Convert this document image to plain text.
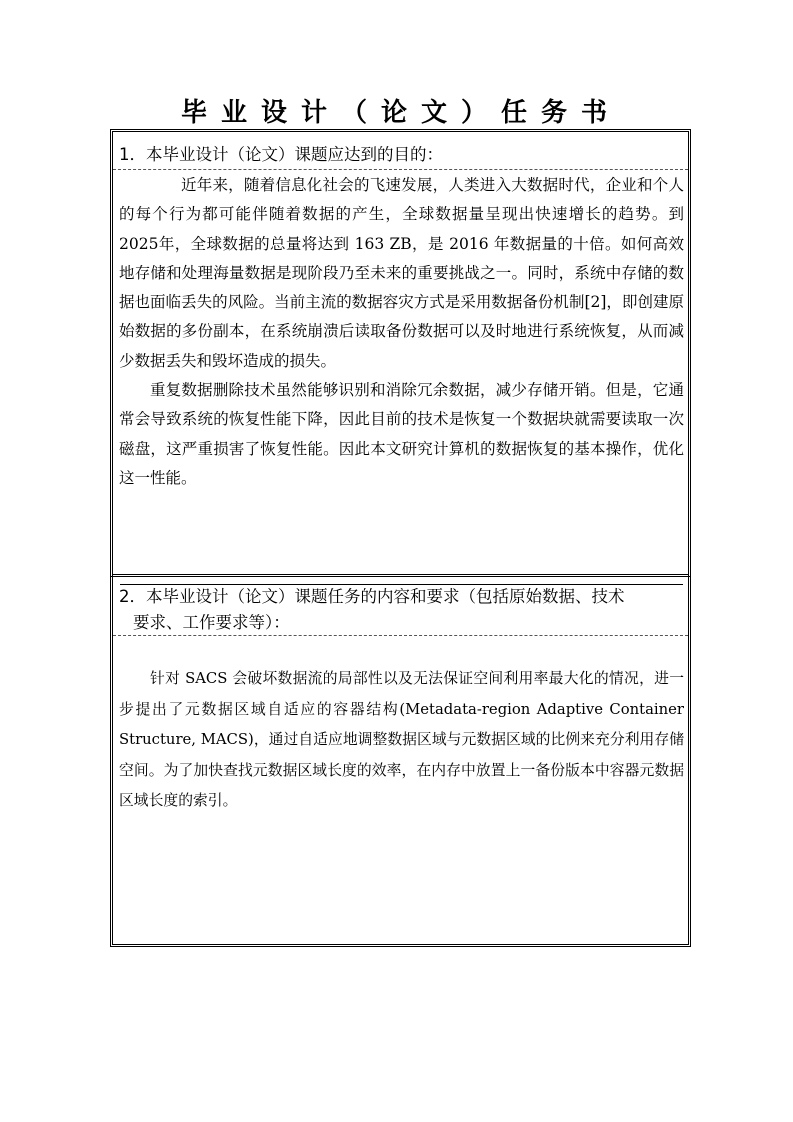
毕业设计（论文）任务书
1．本毕业设计（论文）课题应达到的目的：

近年来，随着信息化社会的飞速发展，人类进入大数据时代，企业和个人的每个行为都可能伴随着数据的产生，全球数据量呈现出快速增长的趋势。到2025年，全球数据的总量将达到 163 ZB，是 2016 年数据量的十倍。如何高效地存储和处理海量数据是现阶段乃至未来的重要挑战之一。同时，系统中存储的数据也面临丢失的风险。当前主流的数据容灾方式是采用数据备份机制[2]，即创建原始数据的多份副本，在系统崩溃后读取备份数据可以及时地进行系统恢复，从而减少数据丢失和毁坏造成的损失。

重复数据删除技术虽然能够识别和消除冗余数据，减少存储开销。但是，它通常会导致系统的恢复性能下降，因此目前的技术是恢复一个数据块就需要读取一次磁盘，这严重损害了恢复性能。因此本文研究计算机的数据恢复的基本操作，优化这一性能。

2．本毕业设计（论文）课题任务的内容和要求（包括原始数据、技术
要求、工作要求等）：

针对 SACS 会破坏数据流的局部性以及无法保证空间利用率最大化的情况，进一步提出了元数据区域自适应的容器结构(Metadata-region Adaptive Container Structure, MACS)，通过自适应地调整数据区域与元数据区域的比例来充分利用存储空间。为了加快查找元数据区域长度的效率，在内存中放置上一备份版本中容器元数据区域长度的索引。
